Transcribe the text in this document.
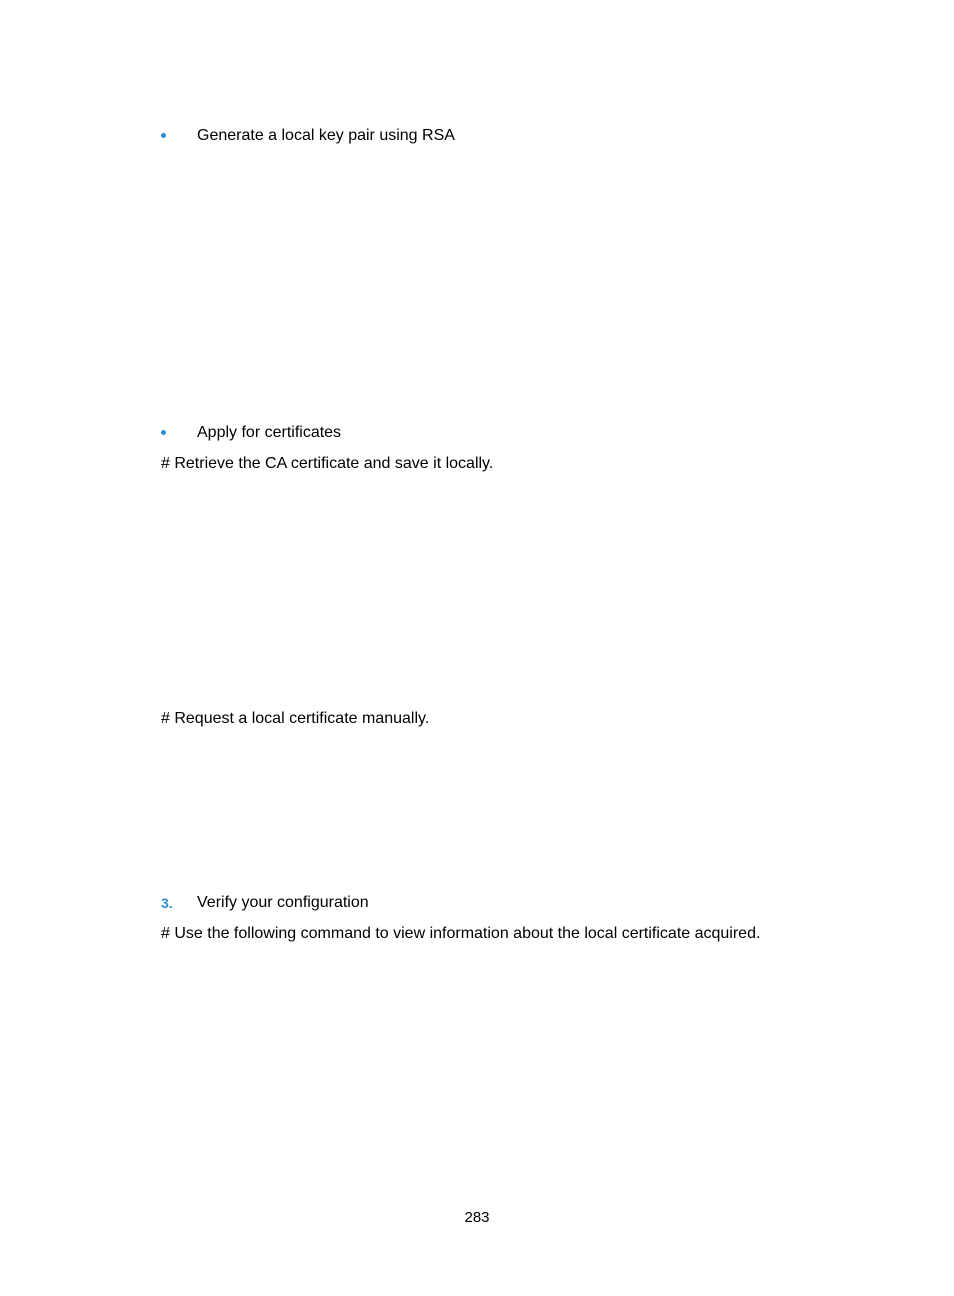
Generate a local key pair using RSA
Apply for certificates
# Retrieve the CA certificate and save it locally.
# Request a local certificate manually.
3. Verify your configuration
# Use the following command to view information about the local certificate acquired.
283
